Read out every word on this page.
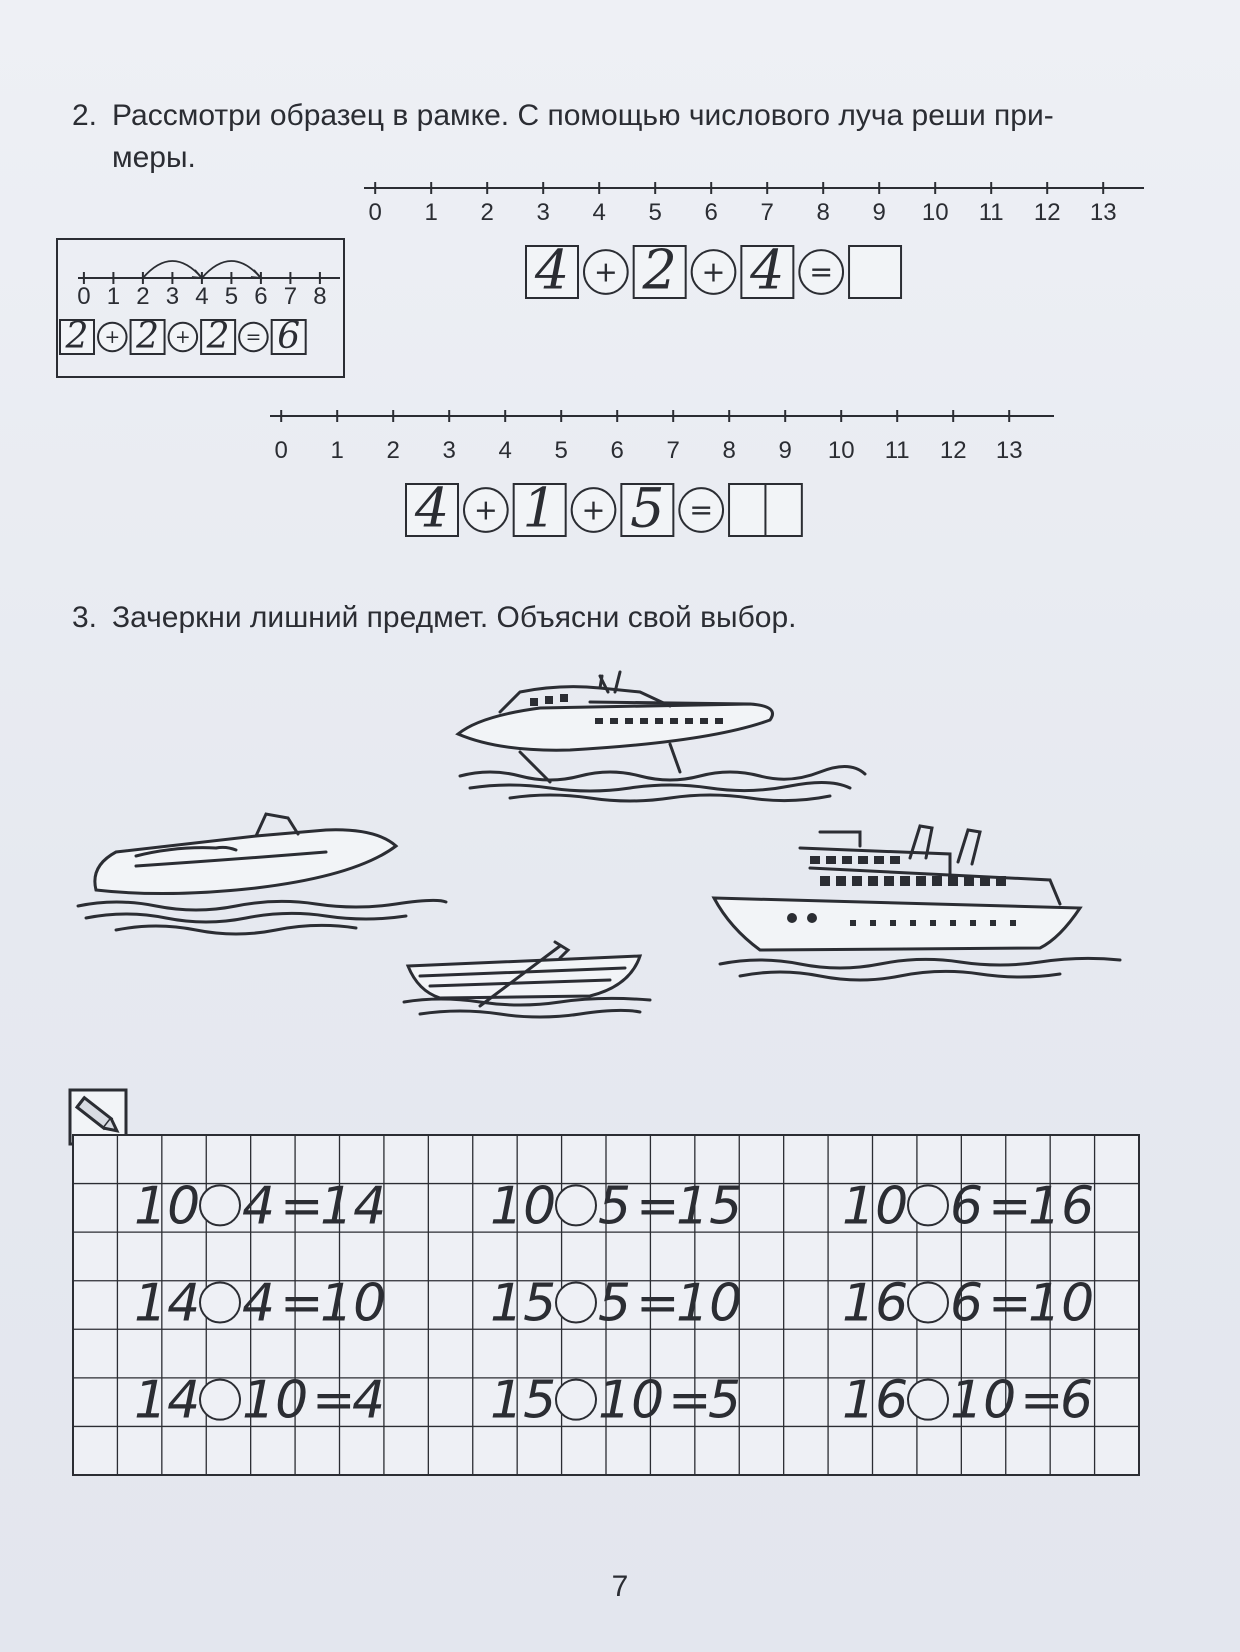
2. Рассмотри образец в рамке. С помощью числового луча реши при-
меры.
0 1 2 3 4 5 6 7 8
2 + 2 + 2 = 6
0 1 2 3 4 5 6 7 8 9 10 11 12 13
4 + 2 + 4 =
0 1 2 3 4 5 6 7 8 9 10 11 12 13
4 + 1 + 5 =
3. Зачеркни лишний предмет. Объясни свой выбор.
10 4 =
14 10 5 =
15 10 6 =
16
14 4 =
10 15 5 =
10 16 6 =
10
14 10 =
4 15 10 =
5 16 10 =
6
7
